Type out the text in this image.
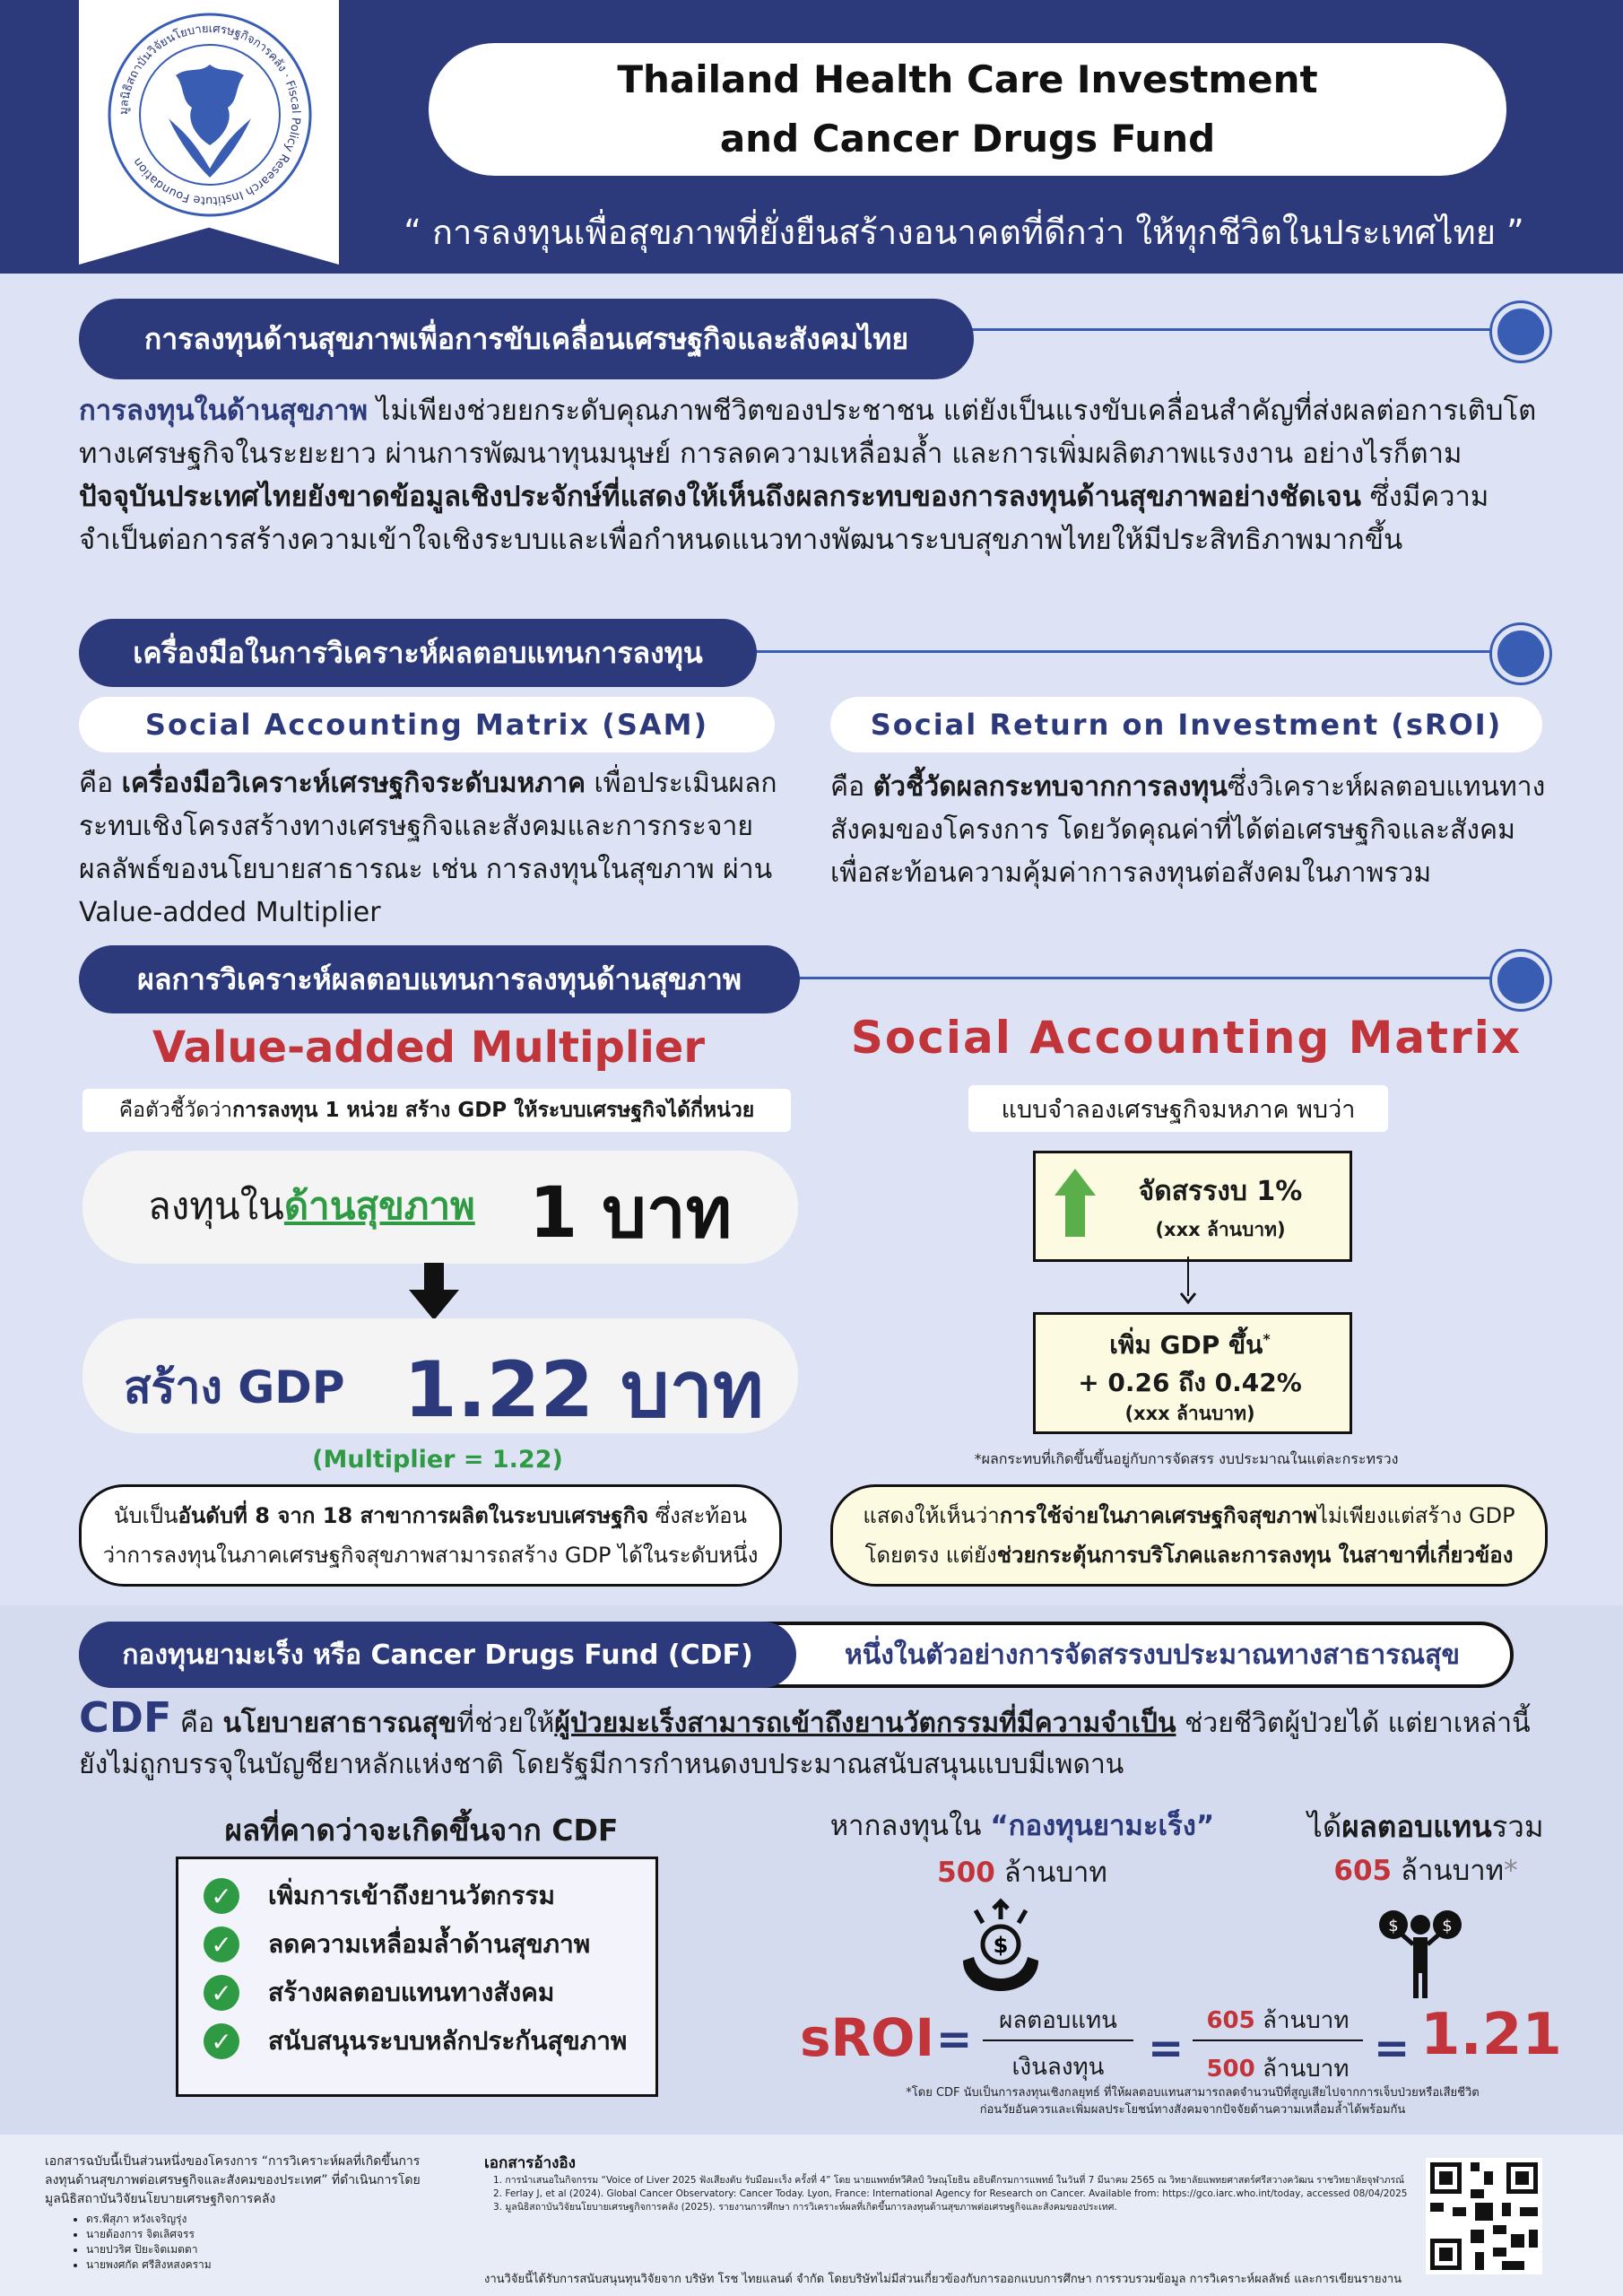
มูลนิธิสถาบันวิจัยนโยบายเศรษฐกิจการคลัง · Fiscal Policy Research Institute Foundation
Thailand Health Care Investment
and Cancer Drugs Fund
“ การลงทุนเพื่อสุขภาพที่ยั่งยืนสร้างอนาคตที่ดีกว่า ให้ทุกชีวิตในประเทศไทย ”
การลงทุนด้านสุขภาพเพื่อการขับเคลื่อนเศรษฐกิจและสังคมไทย
การลงทุนในด้านสุขภาพ ไม่เพียงช่วยยกระดับคุณภาพชีวิตของประชาชน แต่ยังเป็นแรงขับเคลื่อนสำคัญที่ส่งผลต่อการเติบโตทางเศรษฐกิจในระยะยาว ผ่านการพัฒนาทุนมนุษย์ การลดความเหลื่อมล้ำ และการเพิ่มผลิตภาพแรงงาน อย่างไรก็ตาม ปัจจุบันประเทศไทยยังขาดข้อมูลเชิงประจักษ์ที่แสดงให้เห็นถึงผลกระทบของการลงทุนด้านสุขภาพอย่างชัดเจน ซึ่งมีความจำเป็นต่อการสร้างความเข้าใจเชิงระบบและเพื่อกำหนดแนวทางพัฒนาระบบสุขภาพไทยให้มีประสิทธิภาพมากขึ้น
เครื่องมือในการวิเคราะห์ผลตอบแทนการลงทุน
Social Accounting Matrix (SAM)	Social Return on Investment (sROI)
คือ เครื่องมือวิเคราะห์เศรษฐกิจระดับมหภาค เพื่อประเมินผลกระทบเชิงโครงสร้างทางเศรษฐกิจและสังคมและการกระจายผลลัพธ์ของนโยบายสาธารณะ เช่น การลงทุนในสุขภาพ ผ่าน Value-added Multiplier
คือ ตัวชี้วัดผลกระทบจากการลงทุนซึ่งวิเคราะห์ผลตอบแทนทางสังคมของโครงการ โดยวัดคุณค่าที่ได้ต่อเศรษฐกิจและสังคมเพื่อสะท้อนความคุ้มค่าการลงทุนต่อสังคมในภาพรวม
ผลการวิเคราะห์ผลตอบแทนการลงทุนด้านสุขภาพ
Value-added Multiplier
คือตัวชี้วัดว่า การลงทุน 1 หน่วย สร้าง GDP ให้ระบบเศรษฐกิจได้กี่หน่วย
ลงทุนในด้านสุขภาพ 1 บาท
สร้าง GDP 1.22 บาท
(Multiplier = 1.22)
นับเป็นอันดับที่ 8 จาก 18 สาขาการผลิตในระบบเศรษฐกิจ ซึ่งสะท้อนว่าการลงทุนในภาคเศรษฐกิจสุขภาพสามารถสร้าง GDP ได้ในระดับหนึ่ง
Social Accounting Matrix
แบบจำลองเศรษฐกิจมหภาค พบว่า
จัดสรรงบ 1%
(xxx ล้านบาท)
เพิ่ม GDP ขึ้น*
+ 0.26 ถึง 0.42%
(xxx ล้านบาท)
*ผลกระทบที่เกิดขึ้นขึ้นอยู่กับการจัดสรร งบประมาณในแต่ละกระทรวง
แสดงให้เห็นว่าการใช้จ่ายในภาคเศรษฐกิจสุขภาพไม่เพียงแต่สร้าง GDP โดยตรง แต่ยังช่วยกระตุ้นการบริโภคและการลงทุน ในสาขาที่เกี่ยวข้อง
กองทุนยามะเร็ง หรือ Cancer Drugs Fund (CDF)	หนึ่งในตัวอย่างการจัดสรรงบประมาณทางสาธารณสุข
CDF คือ นโยบายสาธารณสุขที่ช่วยให้ผู้ป่วยมะเร็งสามารถเข้าถึงยานวัตกรรมที่มีความจำเป็น ช่วยชีวิตผู้ป่วยได้ แต่ยาเหล่านี้ยังไม่ถูกบรรจุในบัญชียาหลักแห่งชาติ โดยรัฐมีการกำหนดงบประมาณสนับสนุนแบบมีเพดาน
ผลที่คาดว่าจะเกิดขึ้นจาก CDF
✓ เพิ่มการเข้าถึงยานวัตกรรม
✓ ลดความเหลื่อมล้ำด้านสุขภาพ
✓ สร้างผลตอบแทนทางสังคม
✓ สนับสนุนระบบหลักประกันสุขภาพ
หากลงทุนใน “กองทุนยามะเร็ง”
500 ล้านบาท
ได้ผลตอบแทนรวม
605 ล้านบาท*
$
$	$
sROI =	ผลตอบแทน
เงินลงทุน	=
605 ล้านบาท
500 ล้านบาท = 1.21
*โดย CDF นับเป็นการลงทุนเชิงกลยุทธ์ ที่ให้ผลตอบแทนสามารถลดจำนวนปีที่สูญเสียไปจากการเจ็บป่วยหรือเสียชีวิตก่อนวัยอันควรและเพิ่มผลประโยชน์ทางสังคมจากปัจจัยด้านความเหลื่อมล้ำได้พร้อมกัน
เอกสารฉบับนี้เป็นส่วนหนึ่งของโครงการ “การวิเคราะห์ผลที่เกิดขึ้นการลงทุนด้านสุขภาพต่อเศรษฐกิจและสังคมของประเทศ” ที่ดำเนินการโดยมูลนิธิสถาบันวิจัยนโยบายเศรษฐกิจการคลัง
• ดร.พีสุภา หวังเจริญรุ่ง
• นายต้องการ จิตเลิศจรร
• นายปวริศ ปิยะจิตเมตตา
• นายพงศกัด ศรีสิงหสงคราม
เอกสารอ้างอิง
1. การนำเสนอในกิจกรรม “Voice of Liver 2025 ฟังเสียงตับ รับมือมะเร็ง ครั้งที่ 4” โดย นายแพทย์ทวีศิลป์ วิษณุโยธิน อธิบดีกรมการแพทย์ ในวันที่ 7 มีนาคม 2565 ณ วิทยาลัยแพทยศาสตร์ศรีสวางควัฒน ราชวิทยาลัยจุฬาภรณ์
2. Ferlay J, et al (2024). Global Cancer Observatory: Cancer Today. Lyon, France: International Agency for Research on Cancer. Available from: https://gco.iarc.who.int/today, accessed 08/04/2025
3. มูลนิธิสถาบันวิจัยนโยบายเศรษฐกิจการคลัง (2025). รายงานการศึกษา การวิเคราะห์ผลที่เกิดขึ้นการลงทุนด้านสุขภาพต่อเศรษฐกิจและสังคมของประเทศ.
งานวิจัยนี้ได้รับการสนับสนุนทุนวิจัยจาก บริษัท โรช ไทยแลนด์ จำกัด โดยบริษัทไม่มีส่วนเกี่ยวข้องกับการออกแบบการศึกษา การรวบรวมข้อมูล การวิเคราะห์ผลลัพธ์ และการเขียนรายงาน
